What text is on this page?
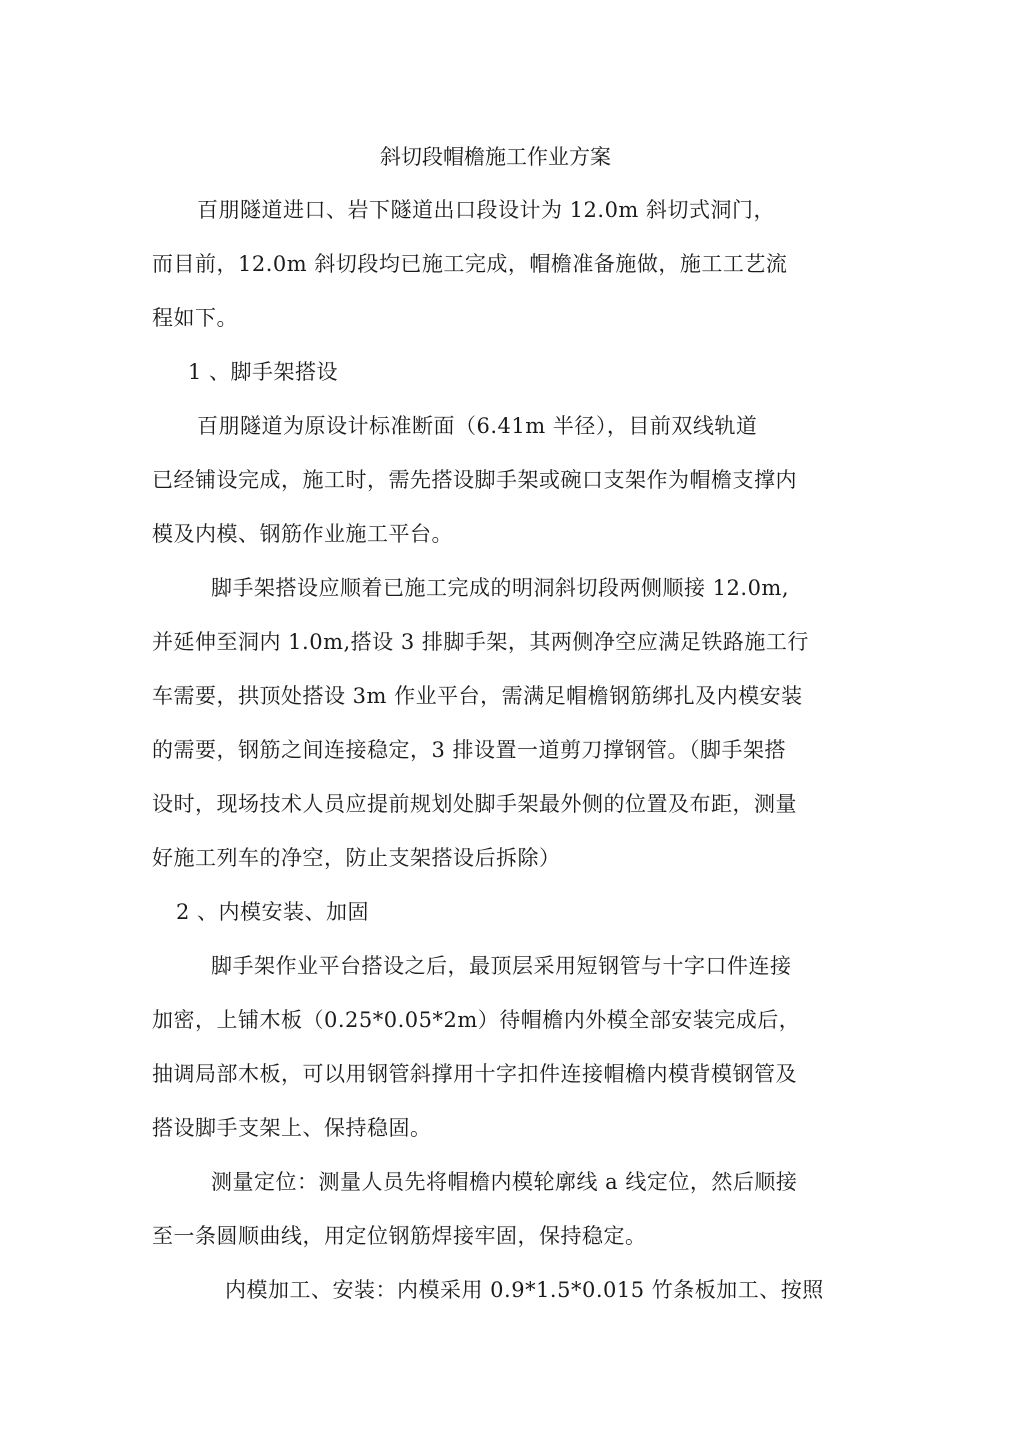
斜切段帽檐施工作业方案
百朋隧道进口、岩下隧道出口段设计为 12.0m 斜切式洞门，
而目前，12.0m 斜切段均已施工完成，帽檐准备施做，施工工艺流
程如下。
1 、脚手架搭设
百朋隧道为原设计标准断面（6.41m 半径），目前双线轨道
已经铺设完成，施工时，需先搭设脚手架或碗口支架作为帽檐支撑内
模及内模、钢筋作业施工平台。
脚手架搭设应顺着已施工完成的明洞斜切段两侧顺接 12.0m,
并延伸至洞内 1.0m,搭设 3 排脚手架，其两侧净空应满足铁路施工行
车需要，拱顶处搭设 3m 作业平台，需满足帽檐钢筋绑扎及内模安装
的需要，钢筋之间连接稳定，3 排设置一道剪刀撑钢管。（脚手架搭
设时，现场技术人员应提前规划处脚手架最外侧的位置及布距，测量
好施工列车的净空，防止支架搭设后拆除）
2 、内模安装、加固
脚手架作业平台搭设之后，最顶层采用短钢管与十字口件连接
加密，上铺木板（0.25*0.05*2m）待帽檐内外模全部安装完成后，
抽调局部木板，可以用钢管斜撑用十字扣件连接帽檐内模背模钢管及
搭设脚手支架上、保持稳固。
测量定位：测量人员先将帽檐内模轮廓线 a 线定位，然后顺接
至一条圆顺曲线，用定位钢筋焊接牢固，保持稳定。
内模加工、安装：内模采用 0.9*1.5*0.015 竹条板加工、按照
